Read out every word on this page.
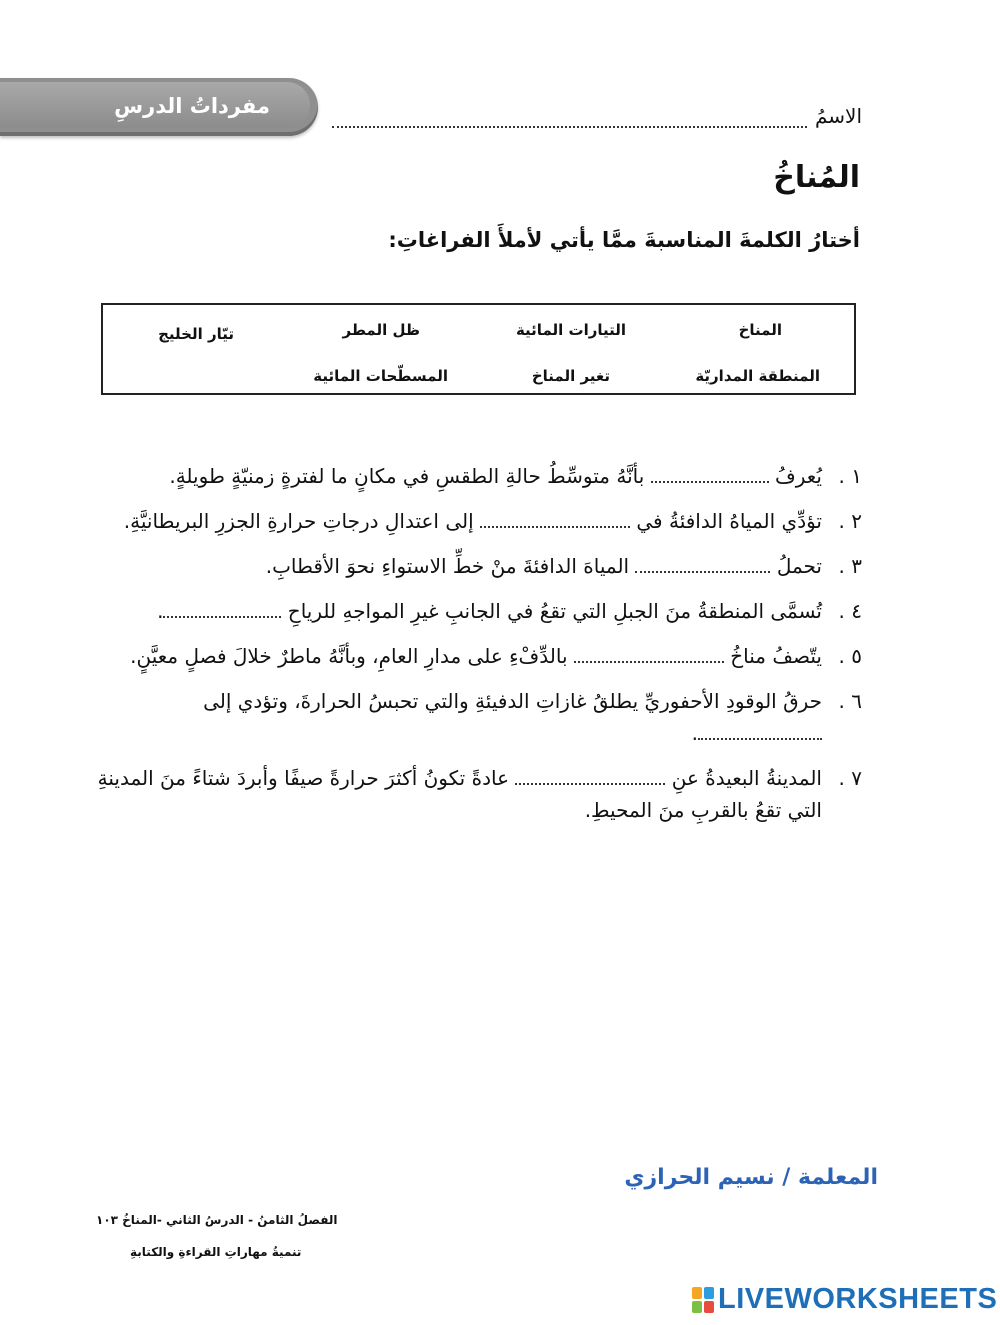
مفرداتُ الدرسِ	الاسمُ
المُناخُ
أختارُ الكلمةَ المناسبةَ ممَّا يأتي لأملأَ الفراغاتِ:
المناخ
التيارات المائية
ظل المطر
تيّار الخليج
المنطقة المداريّة
تغير المناخ
المسطّحات المائية
١ .
يُعرفُ  بأنَّهُ متوسِّطُ حالةِ الطقسِ في مكانٍ ما لفترةٍ زمنيّةٍ طويلةٍ.
٢ .
تؤدِّي المياهُ الدافئةُ في  إلى اعتدالِ درجاتِ حرارةِ الجزرِ البريطانيَّةِ.
٣ .
تحملُ  المياهَ الدافئةَ منْ خطِّ الاستواءِ نحوَ الأقطابِ.
٤ .
تُسمَّى المنطقةُ منَ الجبلِ التي تقعُ في الجانبِ غيرِ المواجهِ للرياحِ .
٥ .
يتّصفُ مناخُ  بالدِّفْءِ على مدارِ العامِ، وبأنَّهُ ماطرٌ خلالَ فصلٍ معيَّنٍ.
٦ .
حرقُ الوقودِ الأحفوريِّ يطلقُ غازاتِ الدفيئةِ والتي تحبسُ الحرارةَ، وتؤدي إلى .
٧ .
المدينةُ البعيدةُ عنِ  عادةً تكونُ أكثرَ حرارةً صيفًا وأبردَ شتاءً منَ المدينةِ التي تقعُ بالقربِ منَ المحيطِ.
المعلمة / نسيم الحرازي
الفصلُ الثامنُ - الدرسُ الثاني -المناخُ ١٠٣
تنميةُ مهاراتِ القراءةِ والكتابةِ
LIVEWORKSHEETS
